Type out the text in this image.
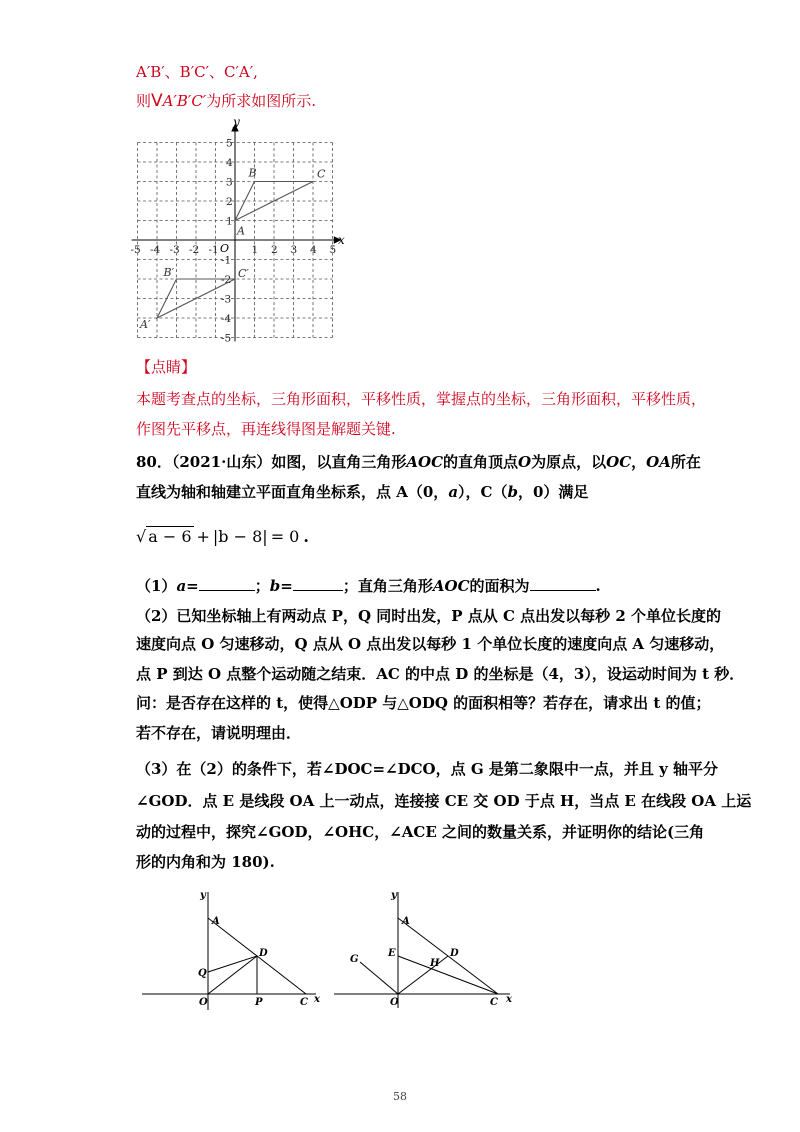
A′B′、B′C′、C′A′,
则VA′B′C′为所求如图所示.
-5 -4 -3 -2 -1	1 2 3 4 5
5
4
3
2
1
-1
-2
-3
-4
-5
A
B	C
A′
B′	C′
y
x
O
【点睛】
本题考查点的坐标，三角形面积，平移性质，掌握点的坐标，三角形面积，平移性质，
作图先平移点，再连线得图是解题关键.
80．（2021·山东）如图，以直角三角形AOC的直角顶点O为原点，以OC，OA所在
直线为轴和轴建立平面直角坐标系，点 A（0，a），C（b，0）满足
√ a − 6 + |b − 8| = 0 .
（1）a=	；b=	；直角三角形AOC的面积为	.
（2）已知坐标轴上有两动点 P，Q 同时出发，P 点从 C 点出发以每秒 2 个单位长度的
速度向点 O 匀速移动，Q 点从 O 点出发以每秒 1 个单位长度的速度向点 A 匀速移动，
点 P 到达 O 点整个运动随之结束．AC 的中点 D 的坐标是（4，3），设运动时间为 t 秒．
问：是否存在这样的 t，使得△ODP 与△ODQ 的面积相等？若存在，请求出 t 的值；
若不存在，请说明理由．
（3）在（2）的条件下，若∠DOC=∠DCO，点 G 是第二象限中一点，并且 y 轴平分
∠GOD．点 E 是线段 OA 上一动点，连接接 CE 交 OD 于点 H，当点 E 在线段 OA 上运
动的过程中，探究∠GOD，∠OHC，∠ACE 之间的数量关系，并证明你的结论(三角
形的内角和为 180).
y
x
A
D
Q
O	P	C
y
x
A
G
E
H
D
O	C
58
